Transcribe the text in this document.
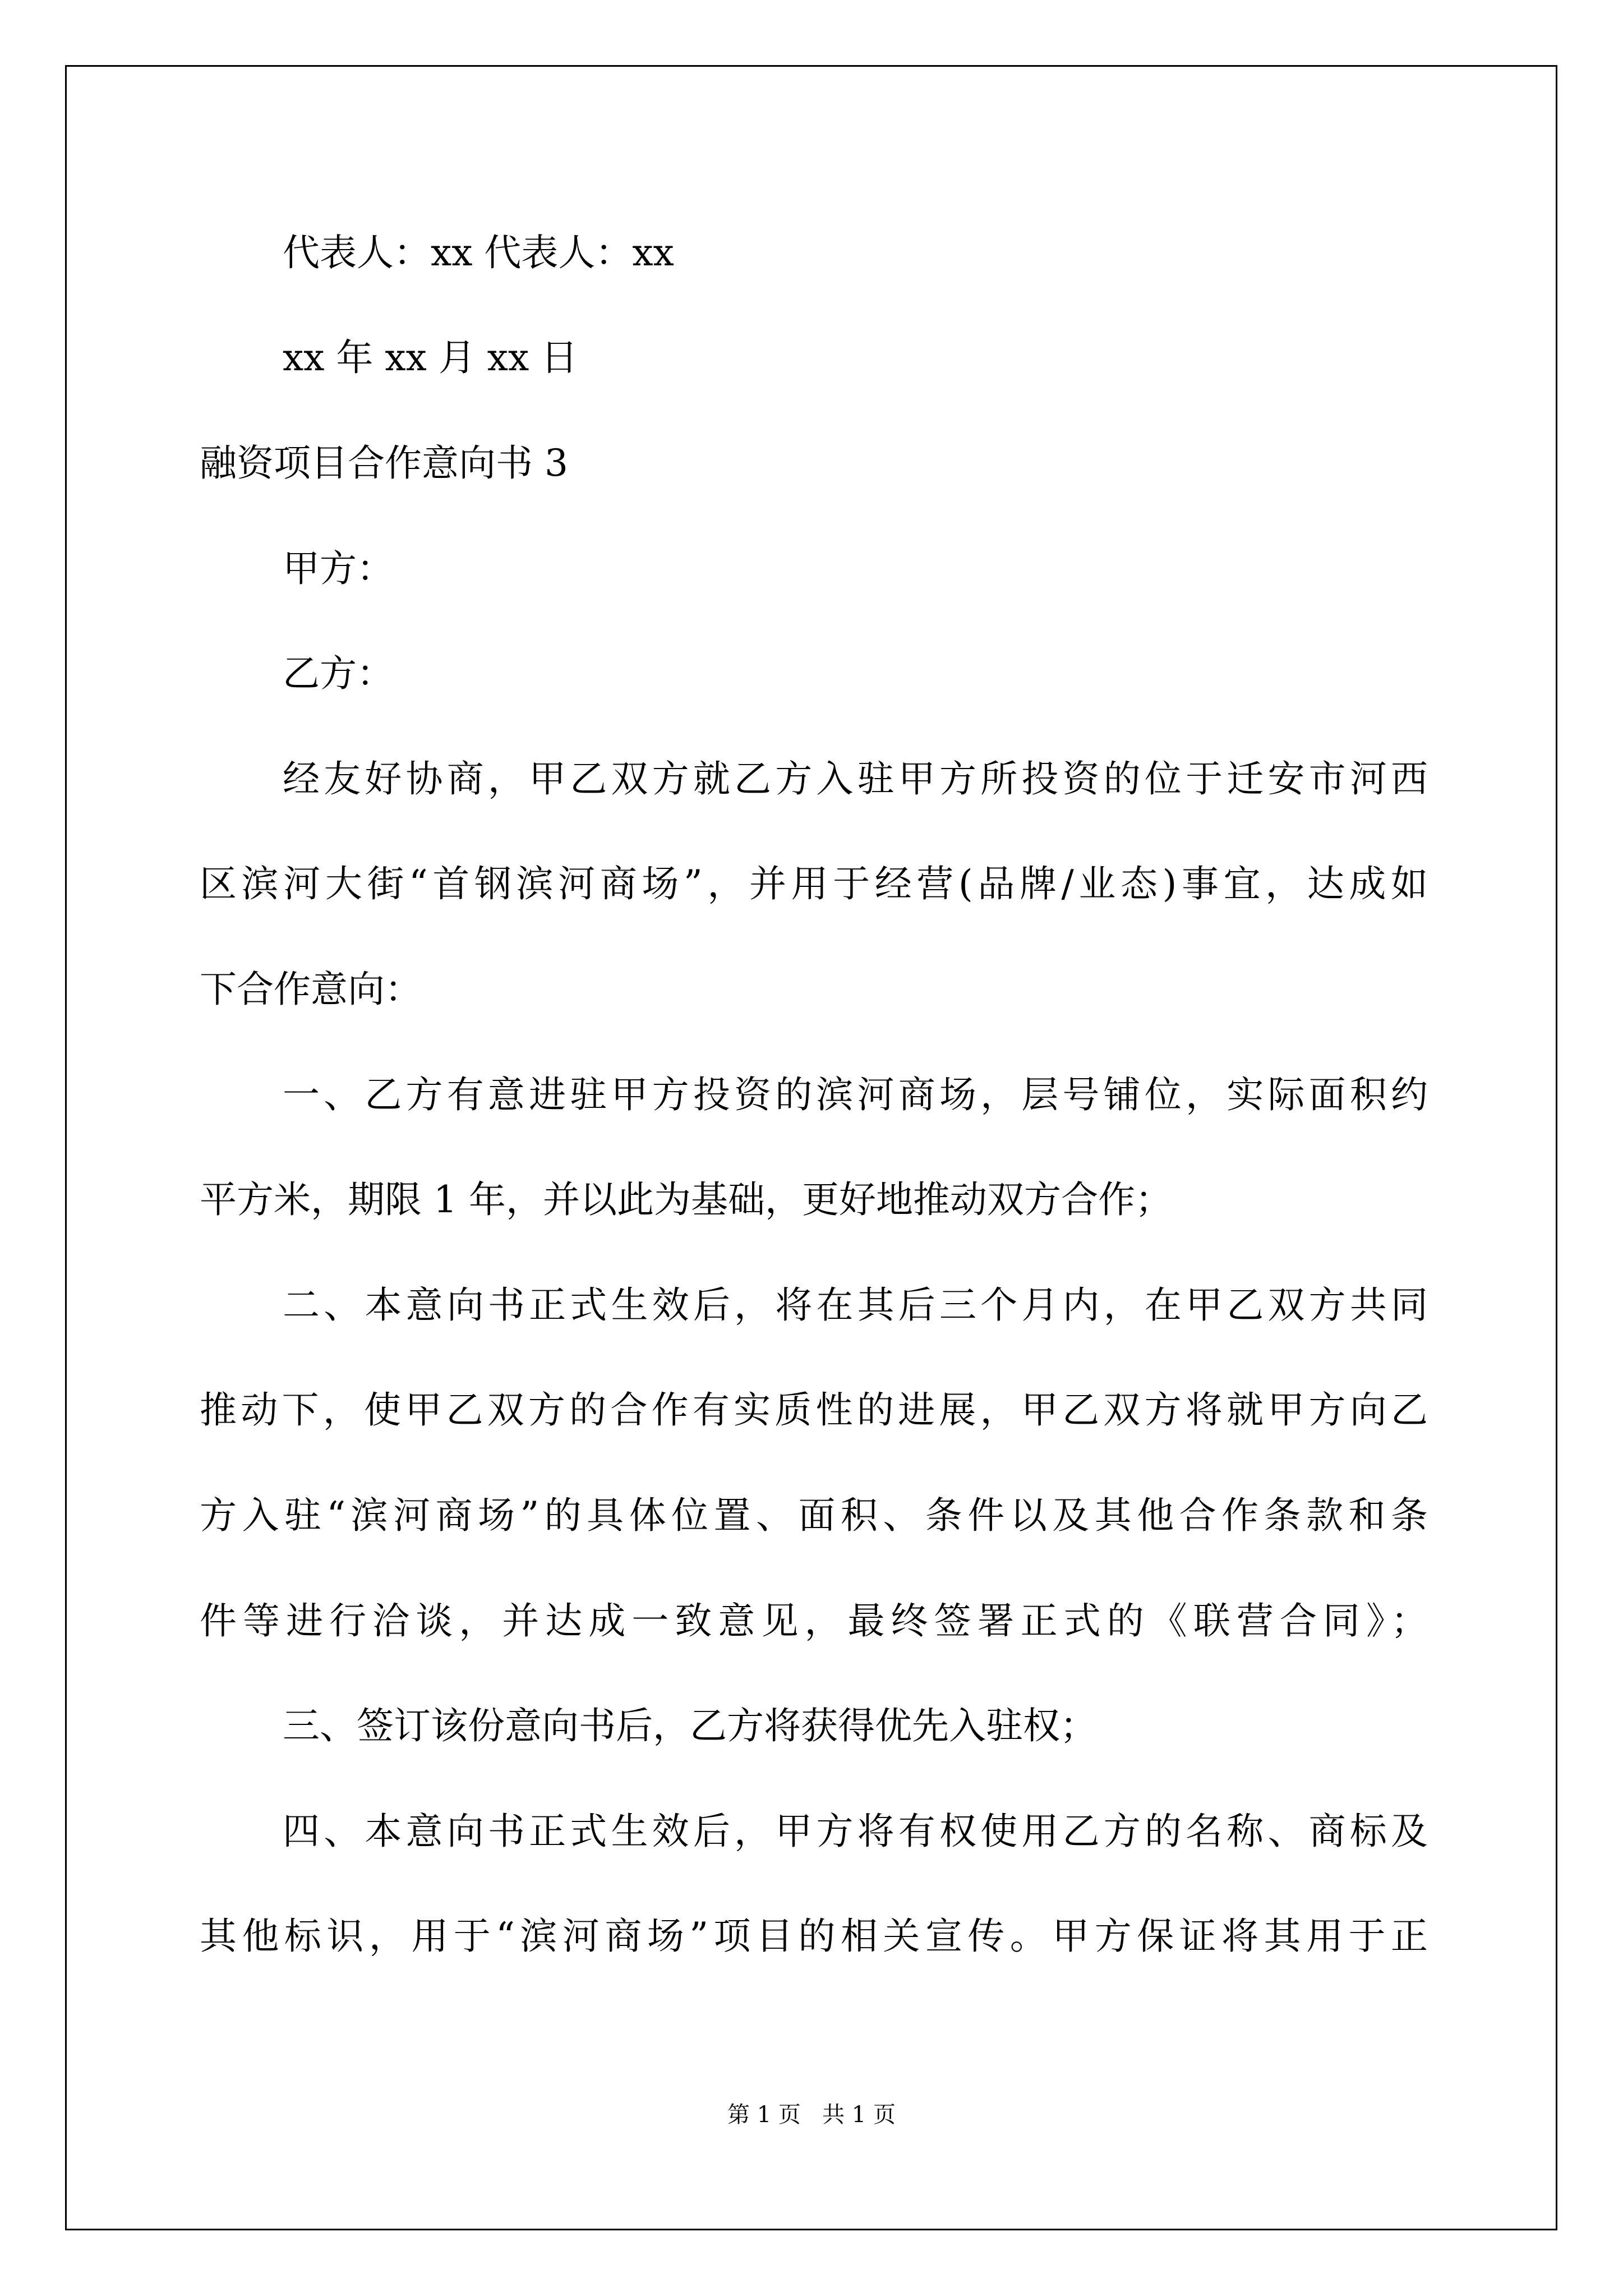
代表人：xx 代表人：xx
xx 年 xx 月 xx 日
融资项目合作意向书 3
甲方：
乙方：
经友好协商，甲乙双方就乙方入驻甲方所投资的位于迁安市河西
区滨河大街“首钢滨河商场”，并用于经营(品牌/业态)事宜，达成如
下合作意向：
一、乙方有意进驻甲方投资的滨河商场，层号铺位，实际面积约
平方米，期限 1 年，并以此为基础，更好地推动双方合作；
二、本意向书正式生效后，将在其后三个月内，在甲乙双方共同
推动下，使甲乙双方的合作有实质性的进展，甲乙双方将就甲方向乙
方入驻“滨河商场”的具体位置、面积、条件以及其他合作条款和条
件等进行洽谈，并达成一致意见，最终签署正式的《联营合同》；
三、签订该份意向书后，乙方将获得优先入驻权；
四、本意向书正式生效后，甲方将有权使用乙方的名称、商标及
其他标识，用于“滨河商场”项目的相关宣传。甲方保证将其用于正
第 1 页   共 1 页
